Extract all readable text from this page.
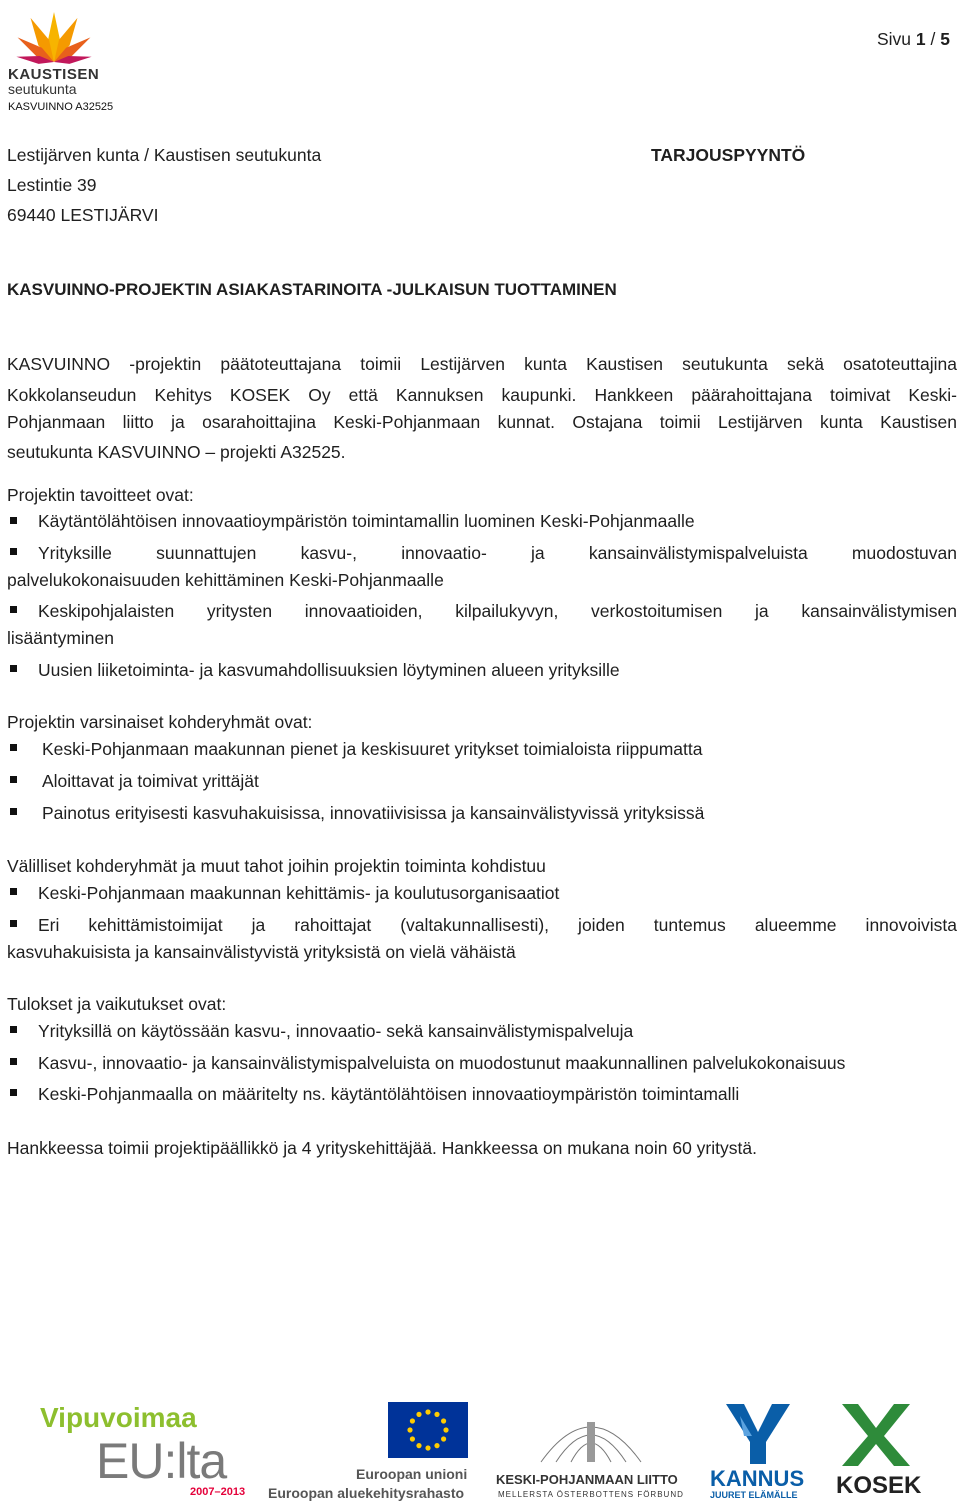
KAUSTISEN
seutukunta
KASVUINNO A32525
Sivu 1 / 5
Lestijärven kunta / Kaustisen seutukunta
Lestintie 39
69440 LESTIJÄRVI
TARJOUSPYYNTÖ
KASVUINNO-PROJEKTIN ASIAKASTARINOITA -JULKAISUN TUOTTAMINEN
KASVUINNO -projektin päätoteuttajana toimii Lestijärven kunta Kaustisen seutukunta sekä osatoteuttajina
Kokkolanseudun Kehitys KOSEK Oy että Kannuksen kaupunki. Hankkeen päärahoittajana toimivat Keski-
Pohjanmaan liitto ja osarahoittajina Keski-Pohjanmaan kunnat. Ostajana toimii Lestijärven kunta Kaustisen
seutukunta KASVUINNO – projekti A32525.
Projektin tavoitteet ovat:
Käytäntölähtöisen innovaatioympäristön toimintamallin luominen Keski-Pohjanmaalle
Yrityksille suunnattujen kasvu-, innovaatio- ja kansainvälistymispalveluista muodostuvan
palvelukokonaisuuden kehittäminen Keski-Pohjanmaalle
Keskipohjalaisten yritysten innovaatioiden, kilpailukyvyn, verkostoitumisen ja kansainvälistymisen
lisääntyminen
Uusien liiketoiminta- ja kasvumahdollisuuksien löytyminen alueen yrityksille
Projektin varsinaiset kohderyhmät ovat:
Keski-Pohjanmaan maakunnan pienet ja keskisuuret yritykset toimialoista riippumatta
Aloittavat ja toimivat yrittäjät
Painotus erityisesti kasvuhakuisissa, innovatiivisissa ja kansainvälistyvissä yrityksissä
Välilliset kohderyhmät ja muut tahot joihin projektin toiminta kohdistuu
Keski-Pohjanmaan maakunnan kehittämis- ja koulutusorganisaatiot
Eri kehittämistoimijat ja rahoittajat (valtakunnallisesti), joiden tuntemus alueemme innovoivista
kasvuhakuisista ja kansainvälistyvistä yrityksistä on vielä vähäistä
Tulokset ja vaikutukset ovat:
Yrityksillä on käytössään kasvu-, innovaatio- sekä kansainvälistymispalveluja
Kasvu-, innovaatio- ja kansainvälistymispalveluista on muodostunut maakunnallinen palvelukokonaisuus
Keski-Pohjanmaalla on määritelty ns. käytäntölähtöisen innovaatioympäristön toimintamalli
Hankkeessa toimii projektipäällikkö ja 4 yrityskehittäjää. Hankkeessa on mukana noin 60 yritystä.
Vipuvoimaa
EU:lta
2007–2013
Euroopan unioni
Euroopan aluekehitysrahasto
KESKI-POHJANMAAN LIITTO
MELLERSTA ÖSTERBOTTENS FÖRBUND
KANNUS
JUURET ELÄMÄLLE KOSEK
